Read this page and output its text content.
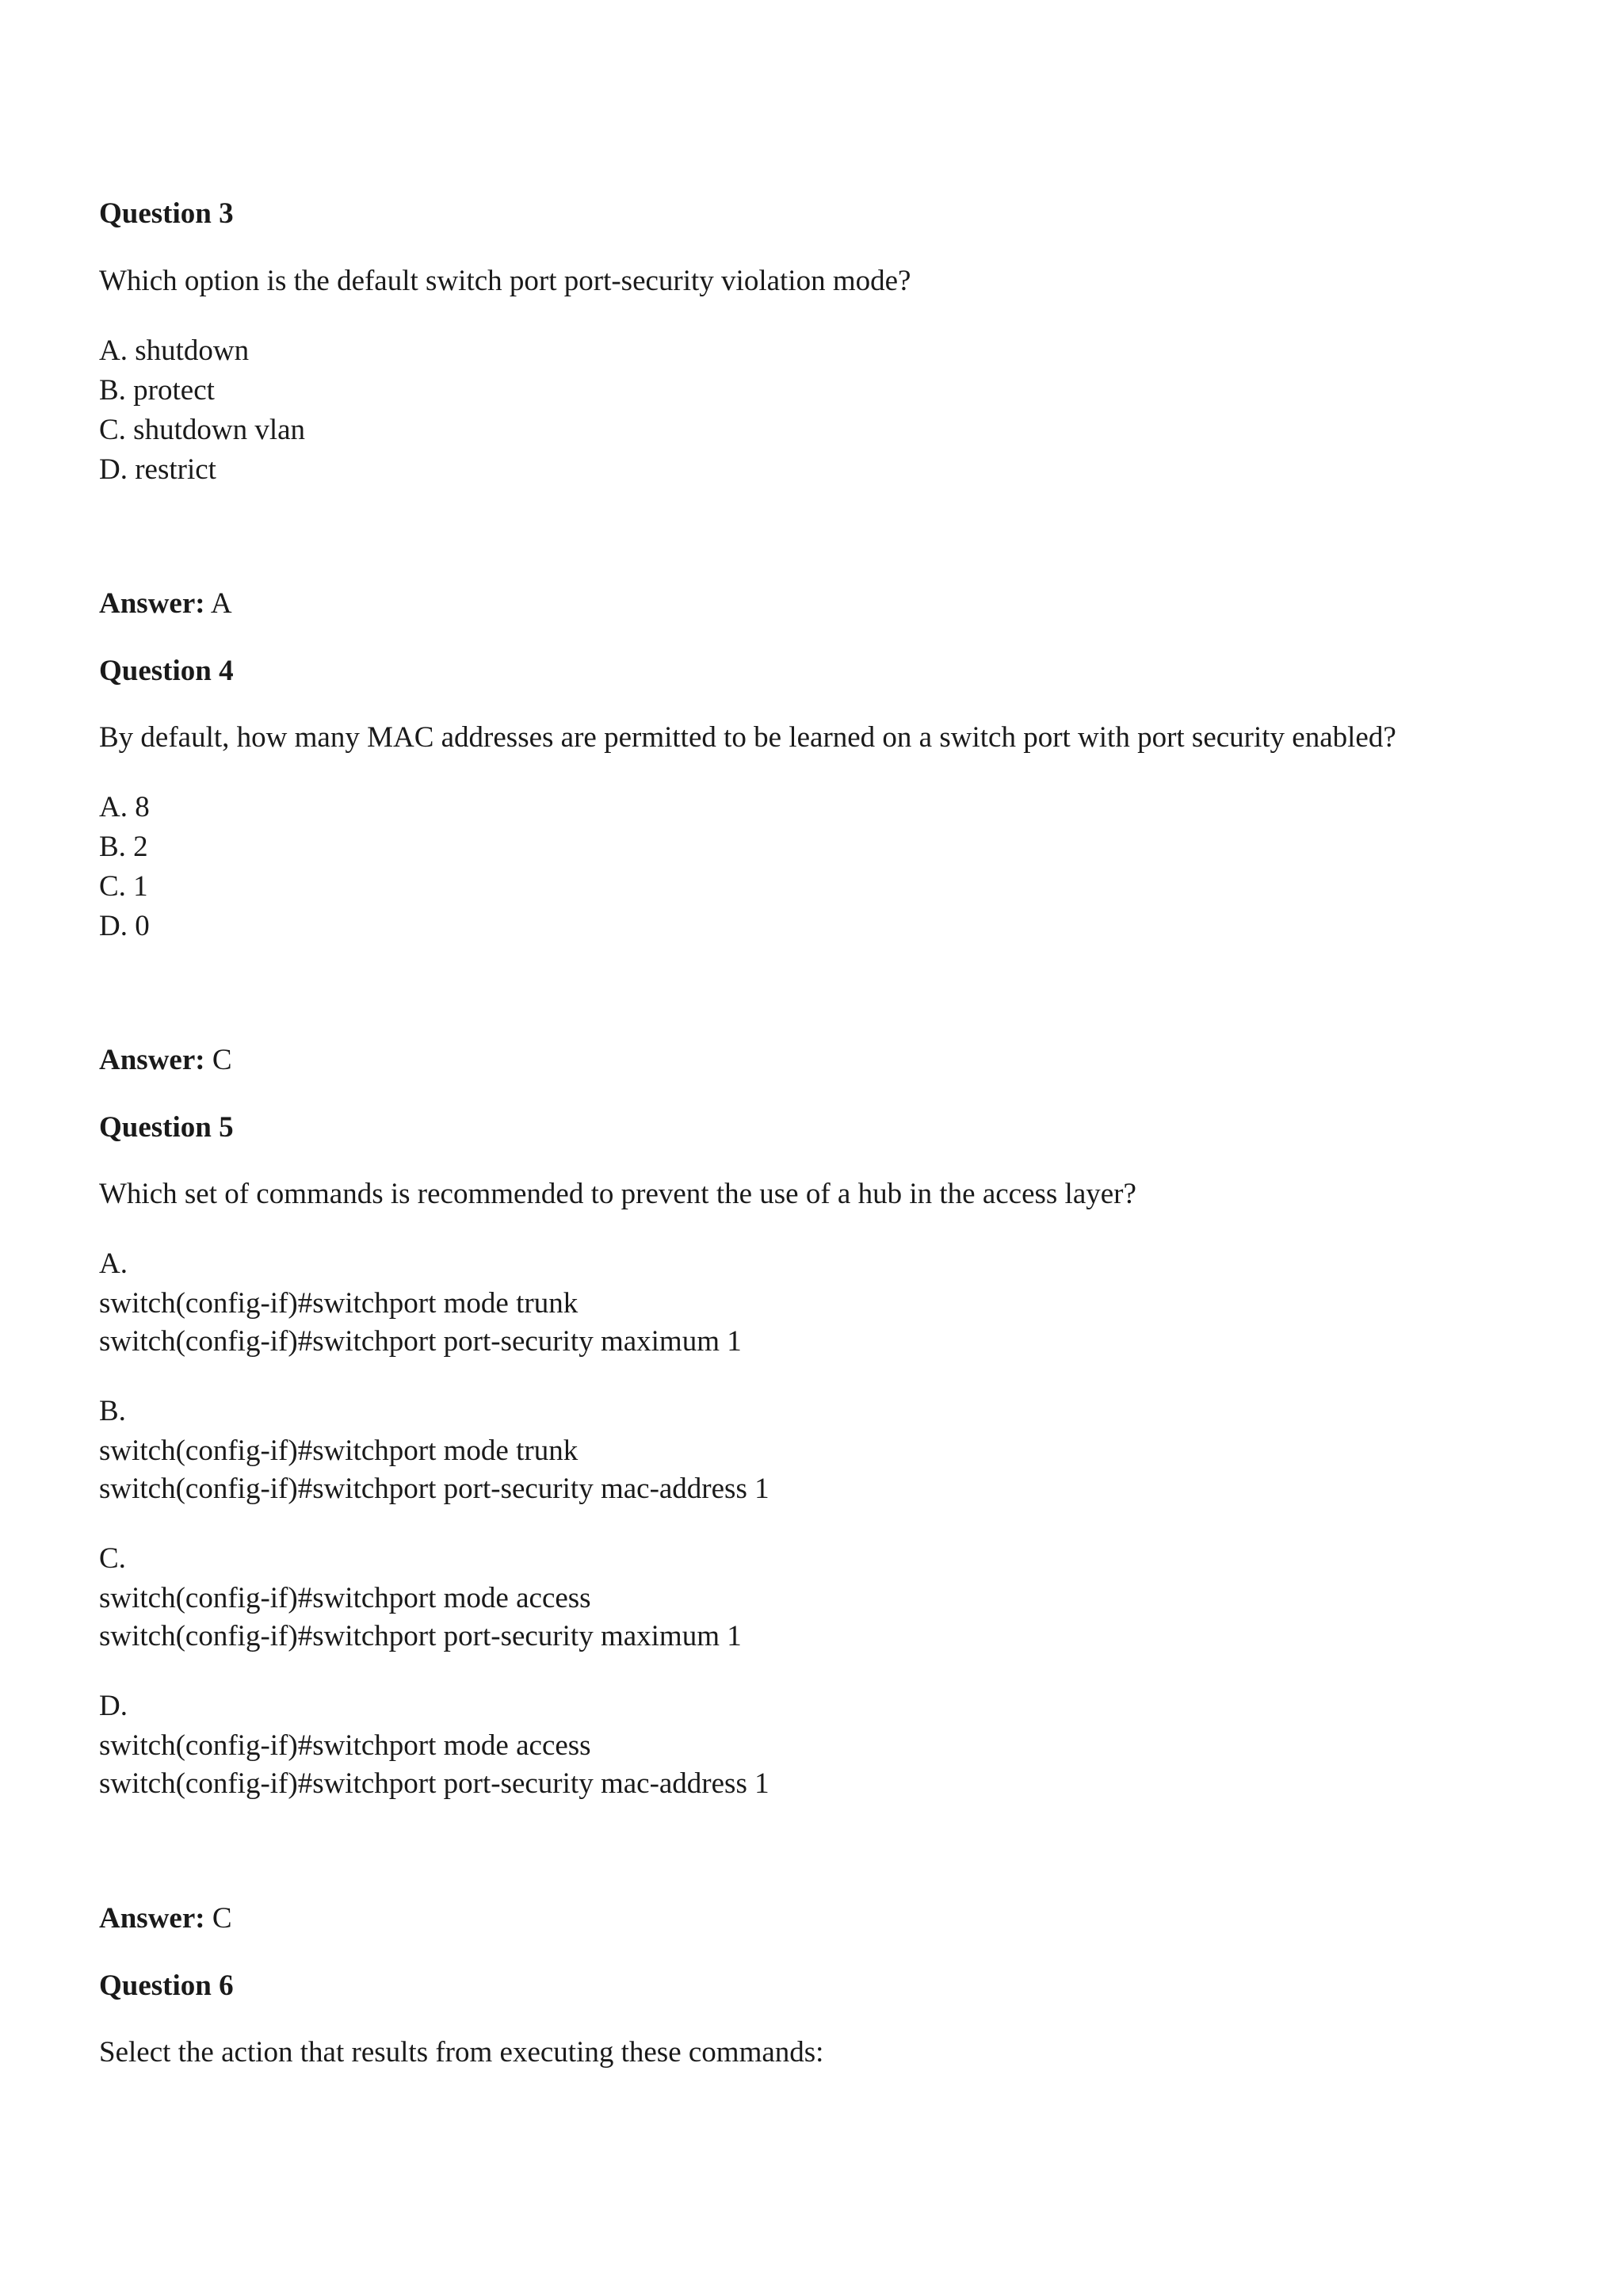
Question 3
Which option is the default switch port port-security violation mode?
A. shutdown
B. protect
C. shutdown vlan
D. restrict
Answer: A
Question 4
By default, how many MAC addresses are permitted to be learned on a switch port with port security enabled?
A. 8
B. 2
C. 1
D. 0
Answer: C
Question 5
Which set of commands is recommended to prevent the use of a hub in the access layer?
A.
switch(config-if)#switchport mode trunk
switch(config-if)#switchport port-security maximum 1
B.
switch(config-if)#switchport mode trunk
switch(config-if)#switchport port-security mac-address 1
C.
switch(config-if)#switchport mode access
switch(config-if)#switchport port-security maximum 1
D.
switch(config-if)#switchport mode access
switch(config-if)#switchport port-security mac-address 1
Answer: C
Question 6
Select the action that results from executing these commands:
